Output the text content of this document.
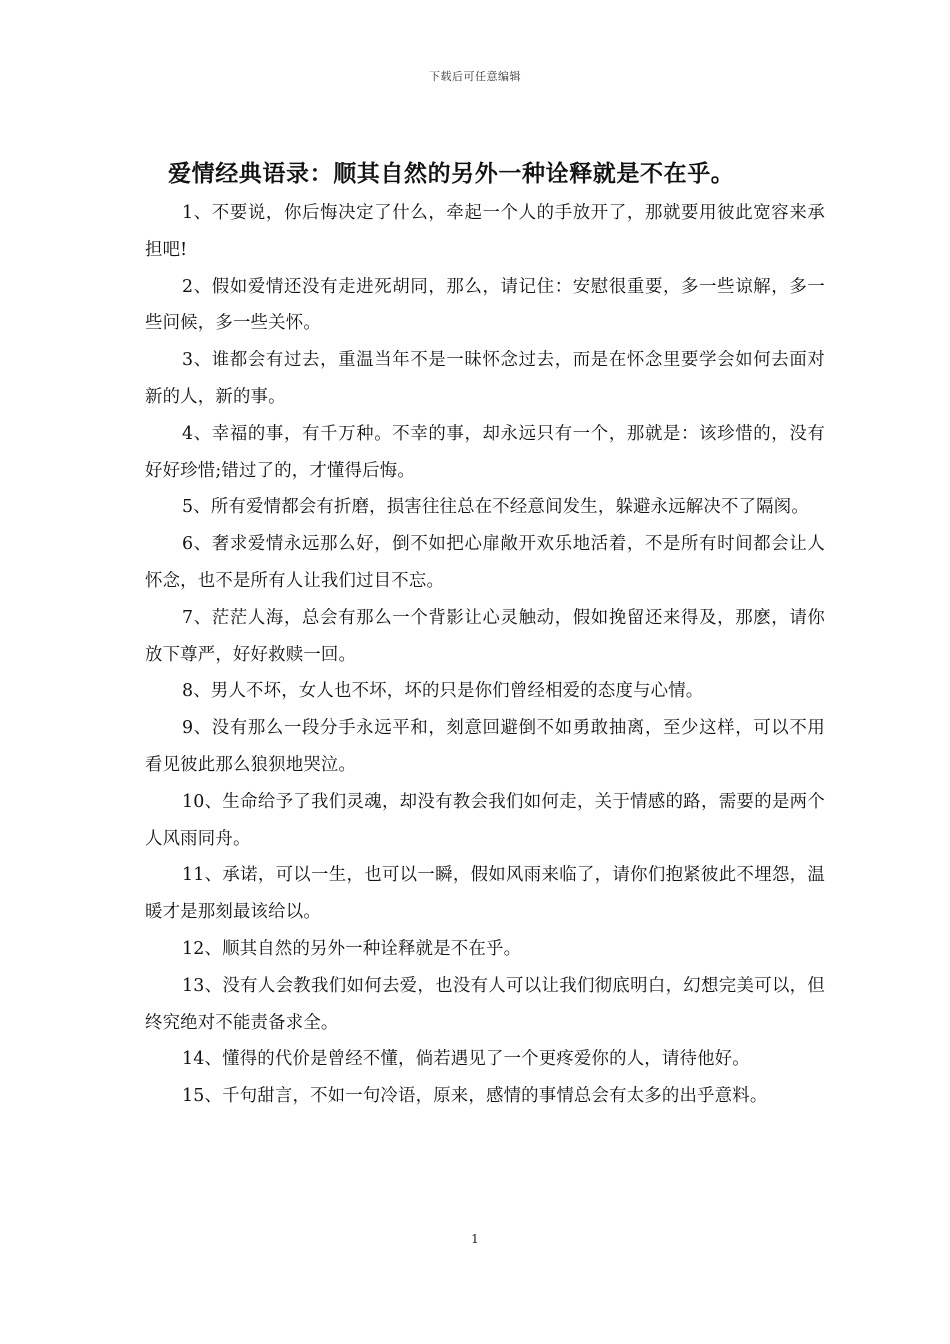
下载后可任意编辑
爱情经典语录：顺其自然的另外一种诠释就是不在乎。

1、不要说，你后悔决定了什么，牵起一个人的手放开了，那就要用彼此宽容来承担吧!

2、假如爱情还没有走进死胡同，那么，请记住：安慰很重要，多一些谅解，多一些问候，多一些关怀。

3、谁都会有过去，重温当年不是一昧怀念过去，而是在怀念里要学会如何去面对新的人，新的事。

4、幸福的事，有千万种。不幸的事，却永远只有一个，那就是：该珍惜的，没有好好珍惜;错过了的，才懂得后悔。

5、所有爱情都会有折磨，损害往往总在不经意间发生，躲避永远解决不了隔阂。

6、奢求爱情永远那么好，倒不如把心扉敞开欢乐地活着，不是所有时间都会让人怀念，也不是所有人让我们过目不忘。

7、茫茫人海，总会有那么一个背影让心灵触动，假如挽留还来得及，那麽，请你放下尊严，好好救赎一回。

8、男人不坏，女人也不坏，坏的只是你们曾经相爱的态度与心情。

9、没有那么一段分手永远平和，刻意回避倒不如勇敢抽离，至少这样，可以不用看见彼此那么狼狈地哭泣。

10、生命给予了我们灵魂，却没有教会我们如何走，关于情感的路，需要的是两个人风雨同舟。

11、承诺，可以一生，也可以一瞬，假如风雨来临了，请你们抱紧彼此不埋怨，温暖才是那刻最该给以。

12、顺其自然的另外一种诠释就是不在乎。

13、没有人会教我们如何去爱，也没有人可以让我们彻底明白，幻想完美可以，但终究绝对不能责备求全。

14、懂得的代价是曾经不懂，倘若遇见了一个更疼爱你的人，请待他好。

15、千句甜言，不如一句冷语，原来，感情的事情总会有太多的出乎意料。

1
